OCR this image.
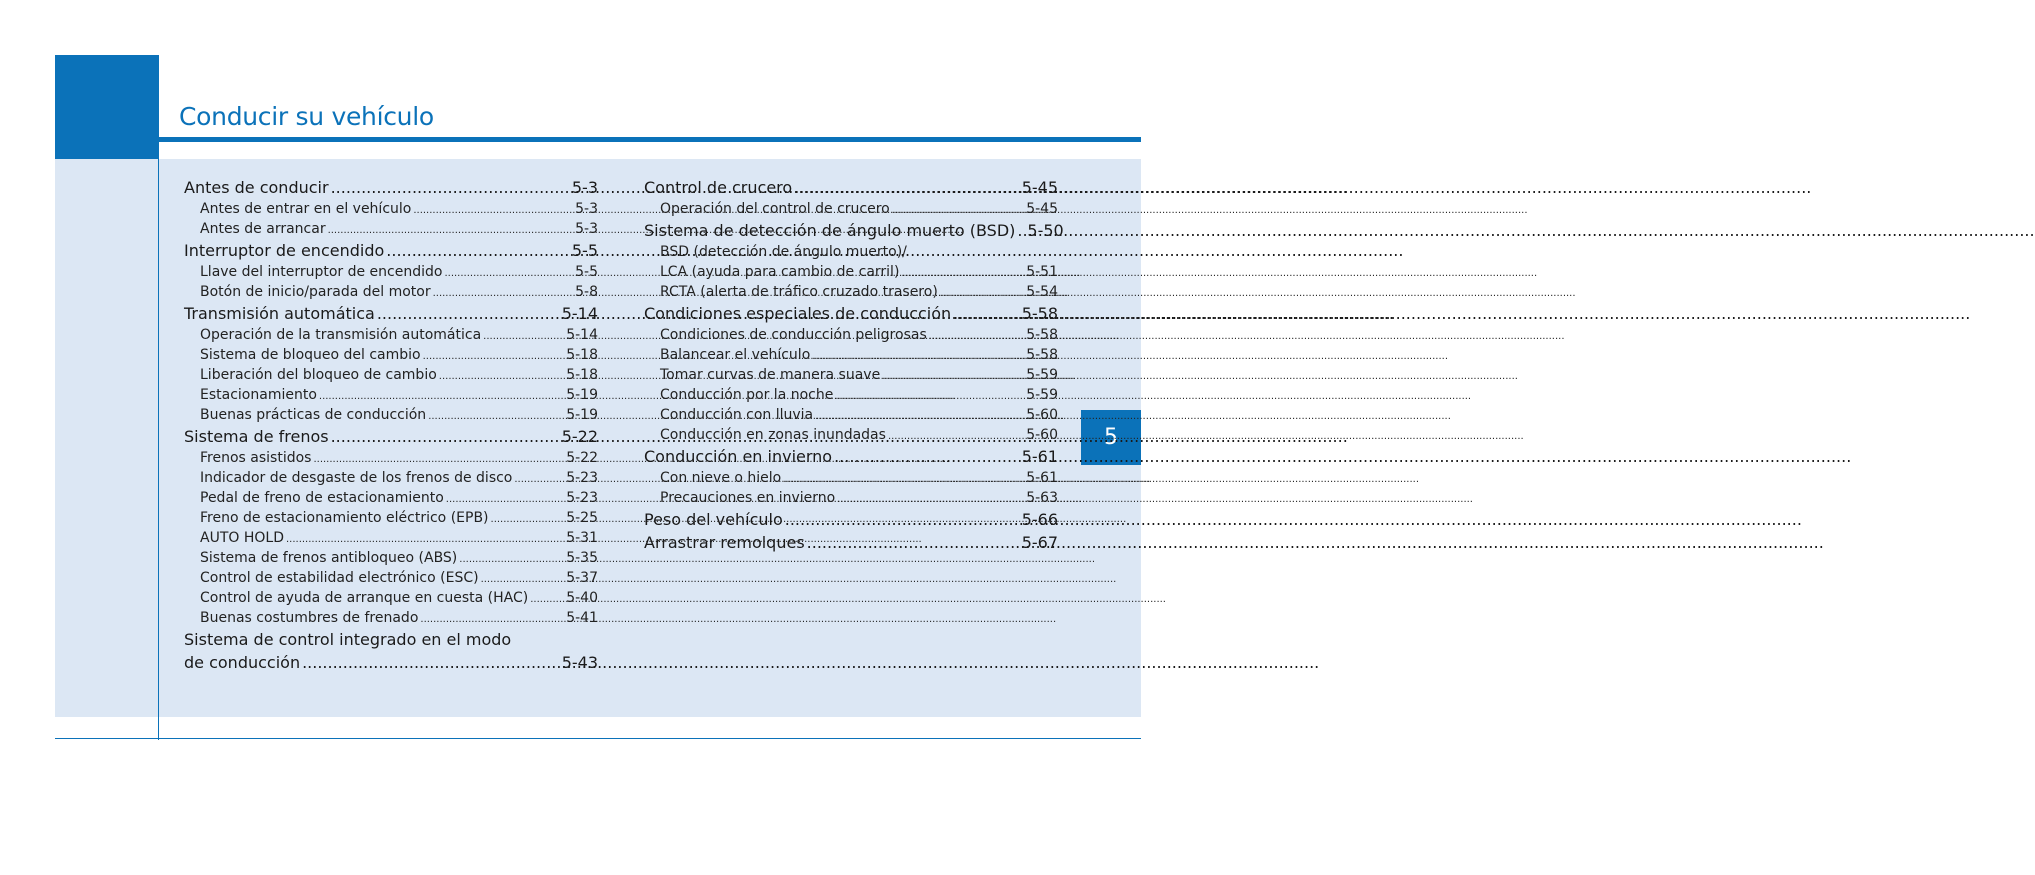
Conducir su vehículo
5
Antes de conducir .....	5-3
Antes de entrar en el vehículo .....	5-3
Antes de arrancar .....	5-3
Interruptor de encendido .....	5-5
Llave del interruptor de encendido .....	5-5
Botón de inicio/parada del motor .....	5-8
Transmisión automática .....	5-14
Operación de la transmisión automática .....	5-14
Sistema de bloqueo del cambio .....	5-18
Liberación del bloqueo de cambio .....	5-18
Estacionamiento .....	5-19
Buenas prácticas de conducción .....	5-19
Sistema de frenos .....	5-22
Frenos asistidos .....	5-22
Indicador de desgaste de los frenos de disco .....	5-23
Pedal de freno de estacionamiento .....	5-23
Freno de estacionamiento eléctrico (EPB) .....	5-25
AUTO HOLD .....	5-31
Sistema de frenos antibloqueo (ABS) .....	5-35
Control de estabilidad electrónico (ESC) .....	5-37
Control de ayuda de arranque en cuesta (HAC) .....	5-40
Buenas costumbres de frenado .....	5-41
Sistema de control integrado en el modo
de conducción .....	5-43
Control de crucero .....	5-45
Operación del control de crucero .....	5-45
Sistema de detección de ángulo muerto (BSD) ..... 5-50
BSD (detección de ángulo muerto)/
LCA (ayuda para cambio de carril) .....	5-51
RCTA (alerta de tráfico cruzado trasero) .....	5-54
Condiciones especiales de conducción .....	5-58
Condiciones de conducción peligrosas .....	5-58
Balancear el vehículo .....	5-58
Tomar curvas de manera suave .....	5-59
Conducción por la noche .....	5-59
Conducción con lluvia .....	5-60
Conducción en zonas inundadas .....	5-60
Conducción en invierno .....	5-61
Con nieve o hielo .....	5-61
Precauciones en invierno .....	5-63
Peso del vehículo .....	5-66
Arrastrar remolques .....	5-67
